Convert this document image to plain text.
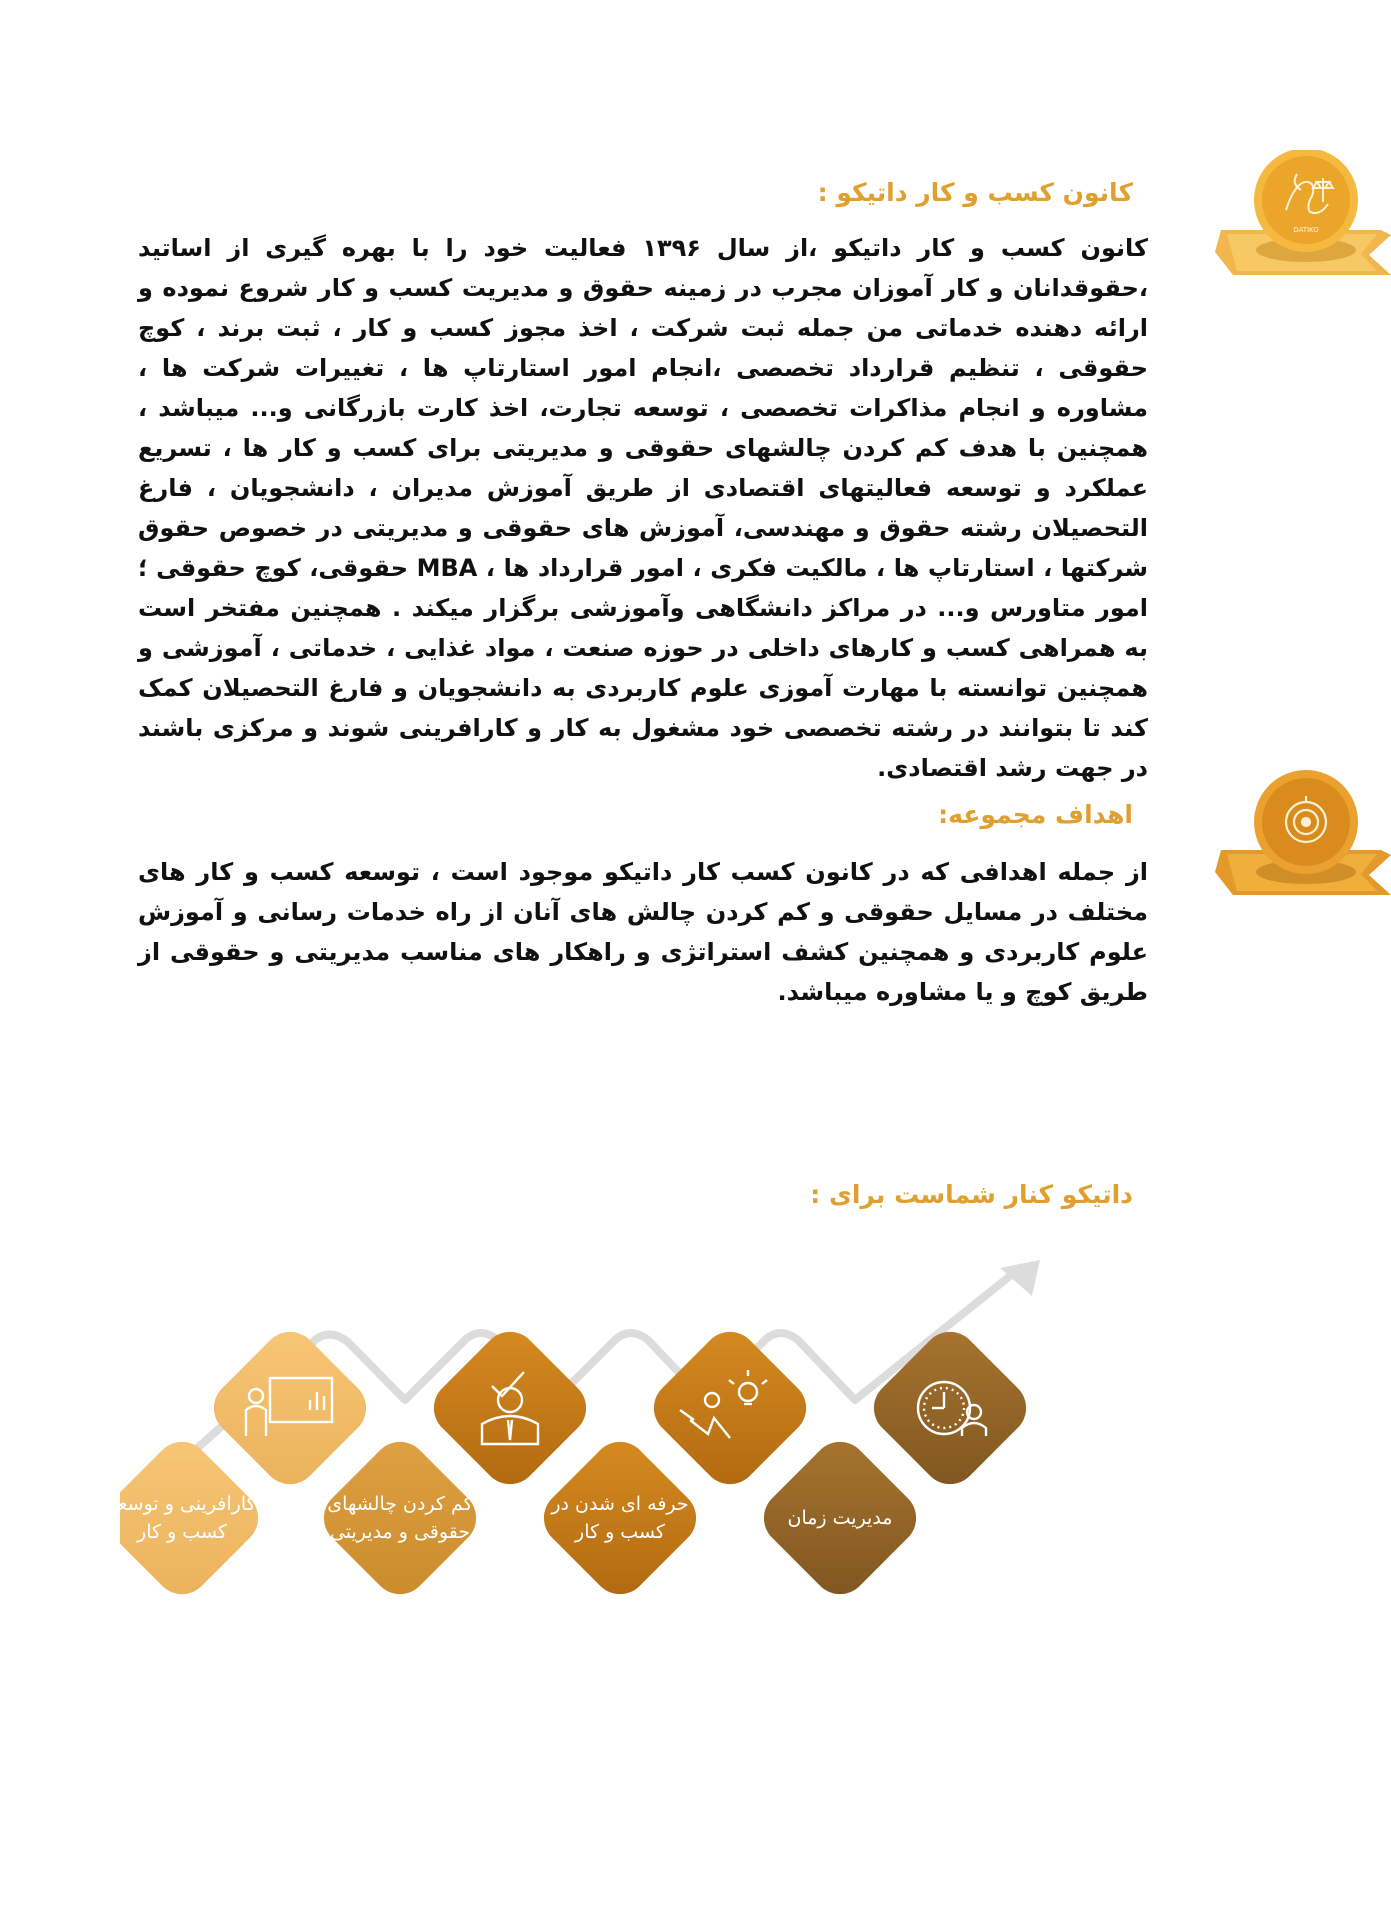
DATIKO
کانون کسب و کار داتیکو :

کانون کسب و کار داتیکو ،از سال ۱۳۹۶ فعالیت خود را با بهره گیری از اساتید ،حقوقدانان و کار آموزان مجرب در زمینه حقوق و مدیریت کسب و کار شروع نموده و ارائه دهنده خدماتی من جمله ثبت شرکت ، اخذ مجوز کسب و کار ، ثبت برند ، کوچ حقوقی ، تنظیم قرارداد تخصصی ،انجام امور استارتاپ ها ، تغییرات شرکت ها ، مشاوره و انجام مذاکرات تخصصی ، توسعه تجارت، اخذ کارت بازرگانی و... میباشد ، همچنین با هدف کم کردن چالشهای حقوقی و مدیریتی برای کسب و کار ها ، تسریع عملکرد و توسعه فعالیتهای اقتصادی از طریق آموزش مدیران ، دانشجویان ، فارغ التحصیلان رشته حقوق و مهندسی، آموزش های حقوقی و مدیریتی در خصوص حقوق شرکتها ، استارتاپ ها ، مالکیت فکری ، امور قرارداد ها ، MBA حقوقی، کوچ حقوقی ؛امور متاورس و... در مراکز دانشگاهی وآموزشی برگزار میکند . همچنین مفتخر است به همراهی کسب و کارهای داخلی در حوزه صنعت ، مواد غذایی ، خدماتی ، آموزشی و همچنین توانسته با مهارت آموزی علوم کاربردی به دانشجویان و فارغ التحصیلان کمک کند تا بتوانند در رشته تخصصی خود مشغول به کار و کارافرینی شوند و مرکزی باشند در جهت رشد اقتصادی.

اهداف مجموعه:

از جمله اهدافی که در کانون کسب کار داتیکو موجود است ، توسعه کسب و کار های مختلف در مسایل حقوقی و کم کردن چالش های آنان از راه خدمات رسانی و آموزش علوم کاربردی و همچنین کشف استراتژی و راهکار های مناسب مدیریتی و حقوقی از طریق کوچ و یا مشاوره میباشد.

داتیکو کنار شماست برای :
مدیریت زمان
حرفه ای شدن در کسب و کار
کم کردن چالشهای حقوقی و مدیریتی
کارافرینی و توسعه کسب و کار
